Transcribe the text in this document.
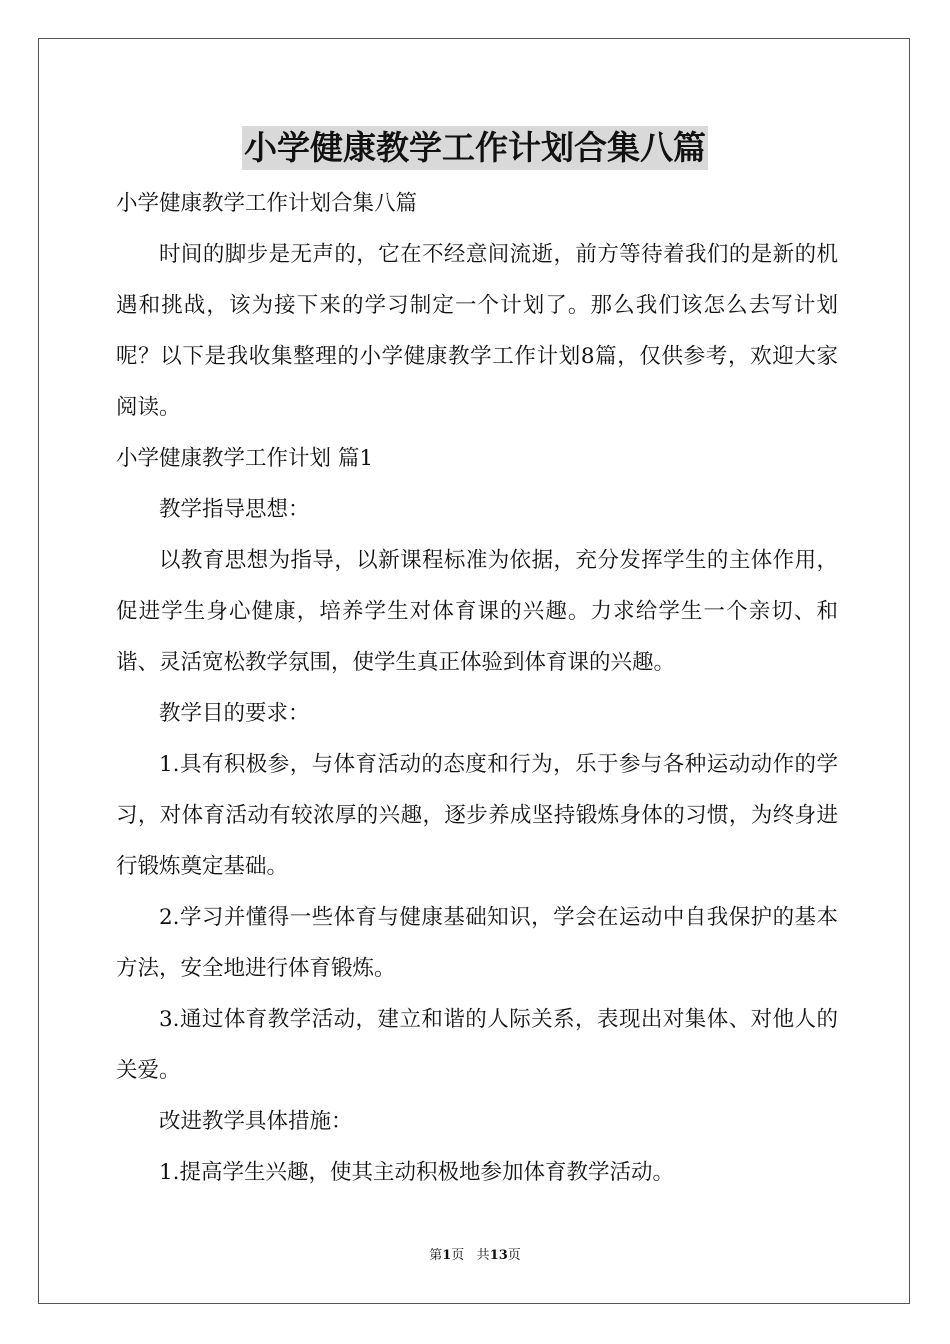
小学健康教学工作计划合集八篇

小学健康教学工作计划合集八篇

时间的脚步是无声的，它在不经意间流逝，前方等待着我们的是新的机遇和挑战，该为接下来的学习制定一个计划了。那么我们该怎么去写计划呢？以下是我收集整理的小学健康教学工作计划8篇，仅供参考，欢迎大家阅读。

小学健康教学工作计划 篇1

教学指导思想：

以教育思想为指导，以新课程标准为依据，充分发挥学生的主体作用，促进学生身心健康，培养学生对体育课的兴趣。力求给学生一个亲切、和谐、灵活宽松教学氛围，使学生真正体验到体育课的兴趣。

教学目的要求：

1.具有积极参，与体育活动的态度和行为，乐于参与各种运动动作的学习，对体育活动有较浓厚的兴趣，逐步养成坚持锻炼身体的习惯，为终身进行锻炼奠定基础。

2.学习并懂得一些体育与健康基础知识，学会在运动中自我保护的基本方法，安全地进行体育锻炼。

3.通过体育教学活动，建立和谐的人际关系，表现出对集体、对他人的关爱。

改进教学具体措施：

1.提高学生兴趣，使其主动积极地参加体育教学活动。

第1页 共13页
